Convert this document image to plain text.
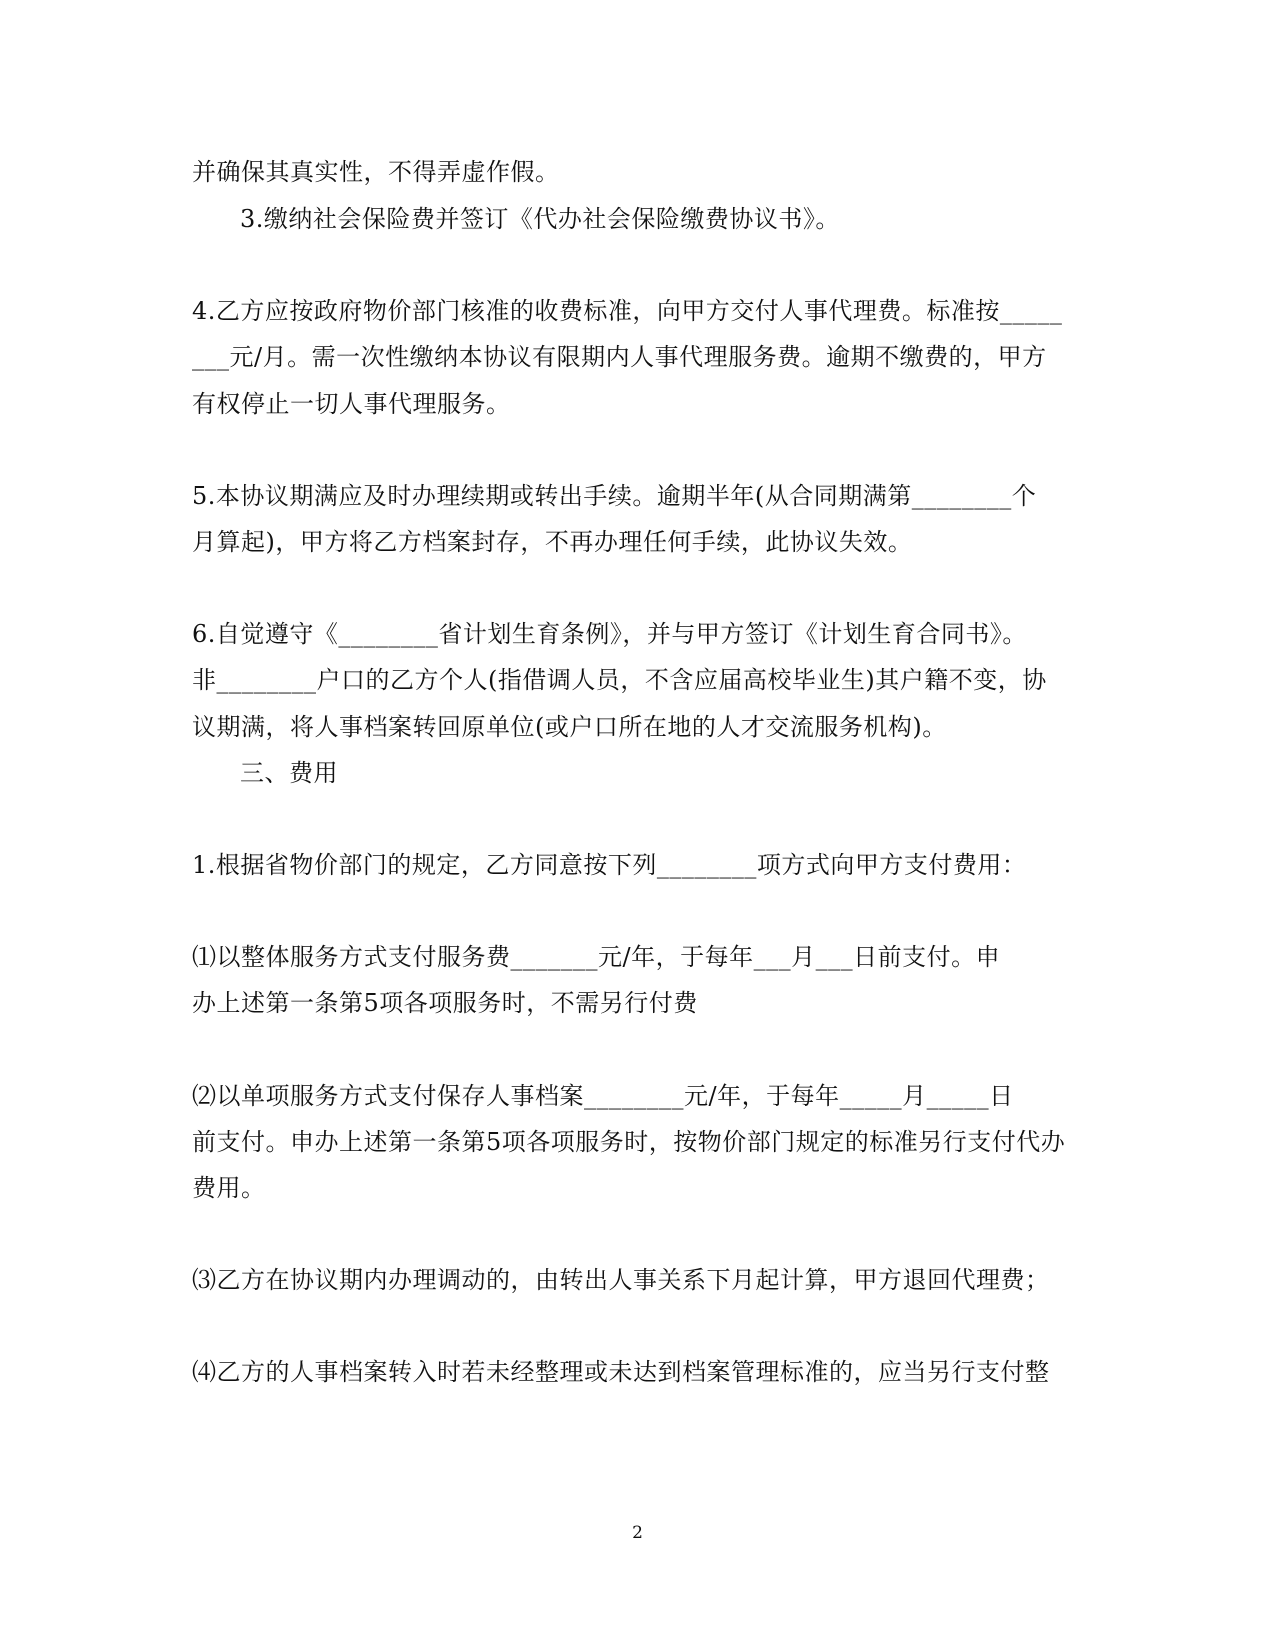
并确保其真实性，不得弄虚作假。
3.缴纳社会保险费并签订《代办社会保险缴费协议书》。
4.乙方应按政府物价部门核准的收费标准，向甲方交付人事代理费。标准按_____
___元/月。需一次性缴纳本协议有限期内人事代理服务费。逾期不缴费的，甲方
有权停止一切人事代理服务。
5.本协议期满应及时办理续期或转出手续。逾期半年(从合同期满第________个
月算起)，甲方将乙方档案封存，不再办理任何手续，此协议失效。
6.自觉遵守《________省计划生育条例》，并与甲方签订《计划生育合同书》。
非________户口的乙方个人(指借调人员，不含应届高校毕业生)其户籍不变，协
议期满，将人事档案转回原单位(或户口所在地的人才交流服务机构)。
三、费用
1.根据省物价部门的规定，乙方同意按下列________项方式向甲方支付费用：
⑴以整体服务方式支付服务费_______元/年，于每年___月___日前支付。申
办上述第一条第5项各项服务时，不需另行付费
⑵以单项服务方式支付保存人事档案________元/年，于每年_____月_____日
前支付。申办上述第一条第5项各项服务时，按物价部门规定的标准另行支付代办
费用。
⑶乙方在协议期内办理调动的，由转出人事关系下月起计算，甲方退回代理费；
⑷乙方的人事档案转入时若未经整理或未达到档案管理标准的，应当另行支付整
2
